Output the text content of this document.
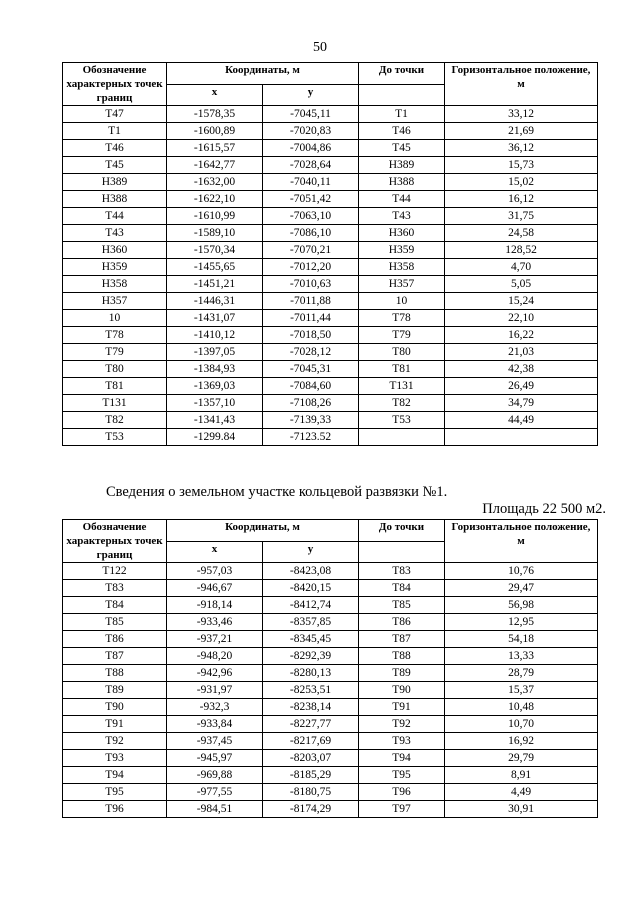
50
Обозначение характерных точек границ	Координаты, м		До точки	Горизонтальное положение, м
	х	у		
Т47	-1578,35	-7045,11	Т1	33,12
Т1	-1600,89	-7020,83	Т46	21,69
Т46	-1615,57	-7004,86	Т45	36,12
Т45	-1642,77	-7028,64	Н389	15,73
Н389	-1632,00	-7040,11	Н388	15,02
Н388	-1622,10	-7051,42	Т44	16,12
Т44	-1610,99	-7063,10	Т43	31,75
Т43	-1589,10	-7086,10	Н360	24,58
Н360	-1570,34	-7070,21	Н359	128,52
Н359	-1455,65	-7012,20	Н358	4,70
Н358	-1451,21	-7010,63	Н357	5,05
Н357	-1446,31	-7011,88	10	15,24
10	-1431,07	-7011,44	Т78	22,10
Т78	-1410,12	-7018,50	Т79	16,22
Т79	-1397,05	-7028,12	Т80	21,03
Т80	-1384,93	-7045,31	Т81	42,38
Т81	-1369,03	-7084,60	Т131	26,49
Т131	-1357,10	-7108,26	Т82	34,79
Т82	-1341,43	-7139,33	Т53	44,49
Т53	-1299.84	-7123.52		
Сведения о земельном участке кольцевой развязки №1.
Площадь 22 500 м2.
Обозначение характерных точек границ	Координаты, м		До точки	Горизонтальное положение, м
	х	у		
Т122	-957,03	-8423,08	Т83	10,76
Т83	-946,67	-8420,15	Т84	29,47
Т84	-918,14	-8412,74	Т85	56,98
Т85	-933,46	-8357,85	Т86	12,95
Т86	-937,21	-8345,45	Т87	54,18
Т87	-948,20	-8292,39	Т88	13,33
Т88	-942,96	-8280,13	Т89	28,79
Т89	-931,97	-8253,51	Т90	15,37
Т90	-932,3	-8238,14	Т91	10,48
Т91	-933,84	-8227,77	Т92	10,70
Т92	-937,45	-8217,69	Т93	16,92
Т93	-945,97	-8203,07	Т94	29,79
Т94	-969,88	-8185,29	Т95	8,91
Т95	-977,55	-8180,75	Т96	4,49
Т96	-984,51	-8174,29	Т97	30,91
